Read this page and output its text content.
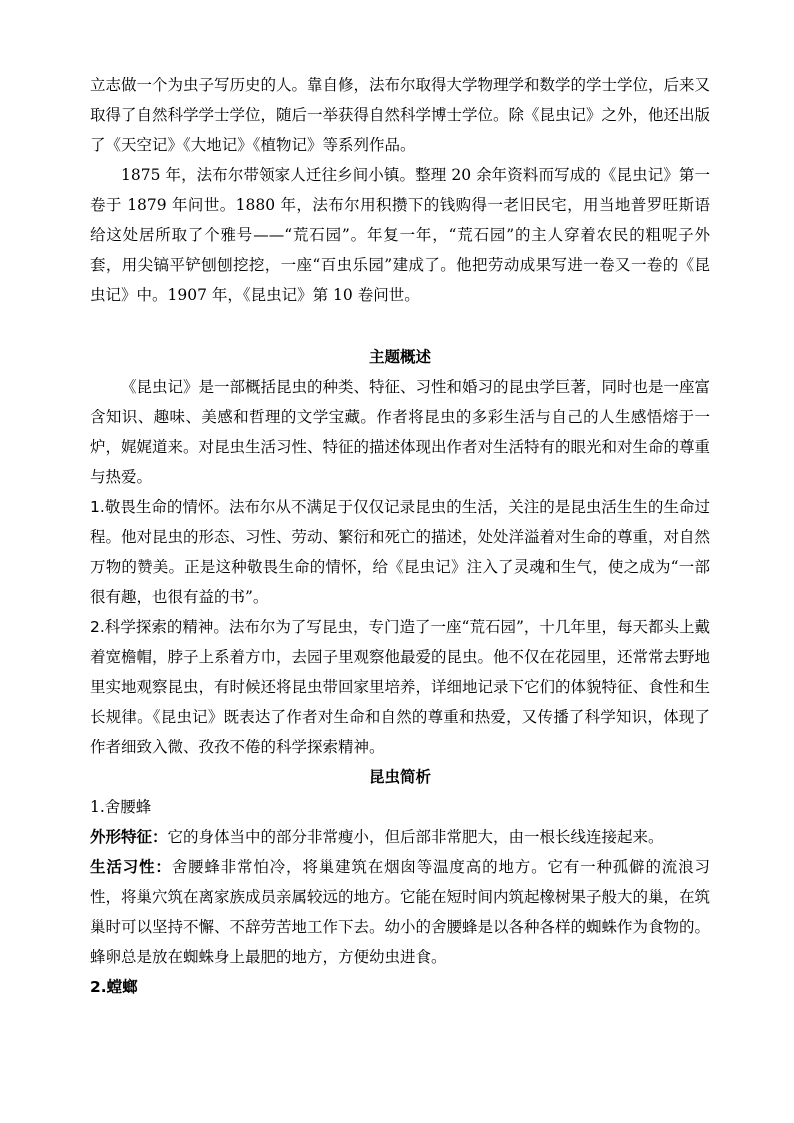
立志做一个为虫子写历史的人。靠自修，法布尔取得大学物理学和数学的学士学位，后来又取得了自然科学学士学位，随后一举获得自然科学博士学位。除《昆虫记》之外，他还出版了《天空记》《大地记》《植物记》等系列作品。

1875 年，法布尔带领家人迁往乡间小镇。整理 20 余年资料而写成的《昆虫记》第一卷于 1879 年问世。1880 年，法布尔用积攒下的钱购得一老旧民宅，用当地普罗旺斯语给这处居所取了个雅号——“荒石园”。年复一年，“荒石园”的主人穿着农民的粗呢子外套，用尖镐平铲刨刨挖挖，一座“百虫乐园”建成了。他把劳动成果写进一卷又一卷的《昆虫记》中。1907 年，《昆虫记》第 10 卷问世。

主题概述

《昆虫记》是一部概括昆虫的种类、特征、习性和婚习的昆虫学巨著，同时也是一座富含知识、趣味、美感和哲理的文学宝藏。作者将昆虫的多彩生活与自己的人生感悟熔于一炉，娓娓道来。对昆虫生活习性、特征的描述体现出作者对生活特有的眼光和对生命的尊重与热爱。

1.敬畏生命的情怀。法布尔从不满足于仅仅记录昆虫的生活，关注的是昆虫活生生的生命过程。他对昆虫的形态、习性、劳动、繁衍和死亡的描述，处处洋溢着对生命的尊重，对自然万物的赞美。正是这种敬畏生命的情怀，给《昆虫记》注入了灵魂和生气，使之成为“一部很有趣，也很有益的书”。

2.科学探索的精神。法布尔为了写昆虫，专门造了一座“荒石园”，十几年里，每天都头上戴着宽檐帽，脖子上系着方巾，去园子里观察他最爱的昆虫。他不仅在花园里，还常常去野地里实地观察昆虫，有时候还将昆虫带回家里培养，详细地记录下它们的体貌特征、食性和生长规律。《昆虫记》既表达了作者对生命和自然的尊重和热爱，又传播了科学知识，体现了作者细致入微、孜孜不倦的科学探索精神。

昆虫简析

1.舍腰蜂

外形特征：它的身体当中的部分非常瘦小，但后部非常肥大，由一根长线连接起来。

生活习性：舍腰蜂非常怕冷，将巢建筑在烟囱等温度高的地方。它有一种孤僻的流浪习性，将巢穴筑在离家族成员亲属较远的地方。它能在短时间内筑起橡树果子般大的巢，在筑巢时可以坚持不懈、不辞劳苦地工作下去。幼小的舍腰蜂是以各种各样的蜘蛛作为食物的。蜂卵总是放在蜘蛛身上最肥的地方，方便幼虫进食。

2.螳螂
